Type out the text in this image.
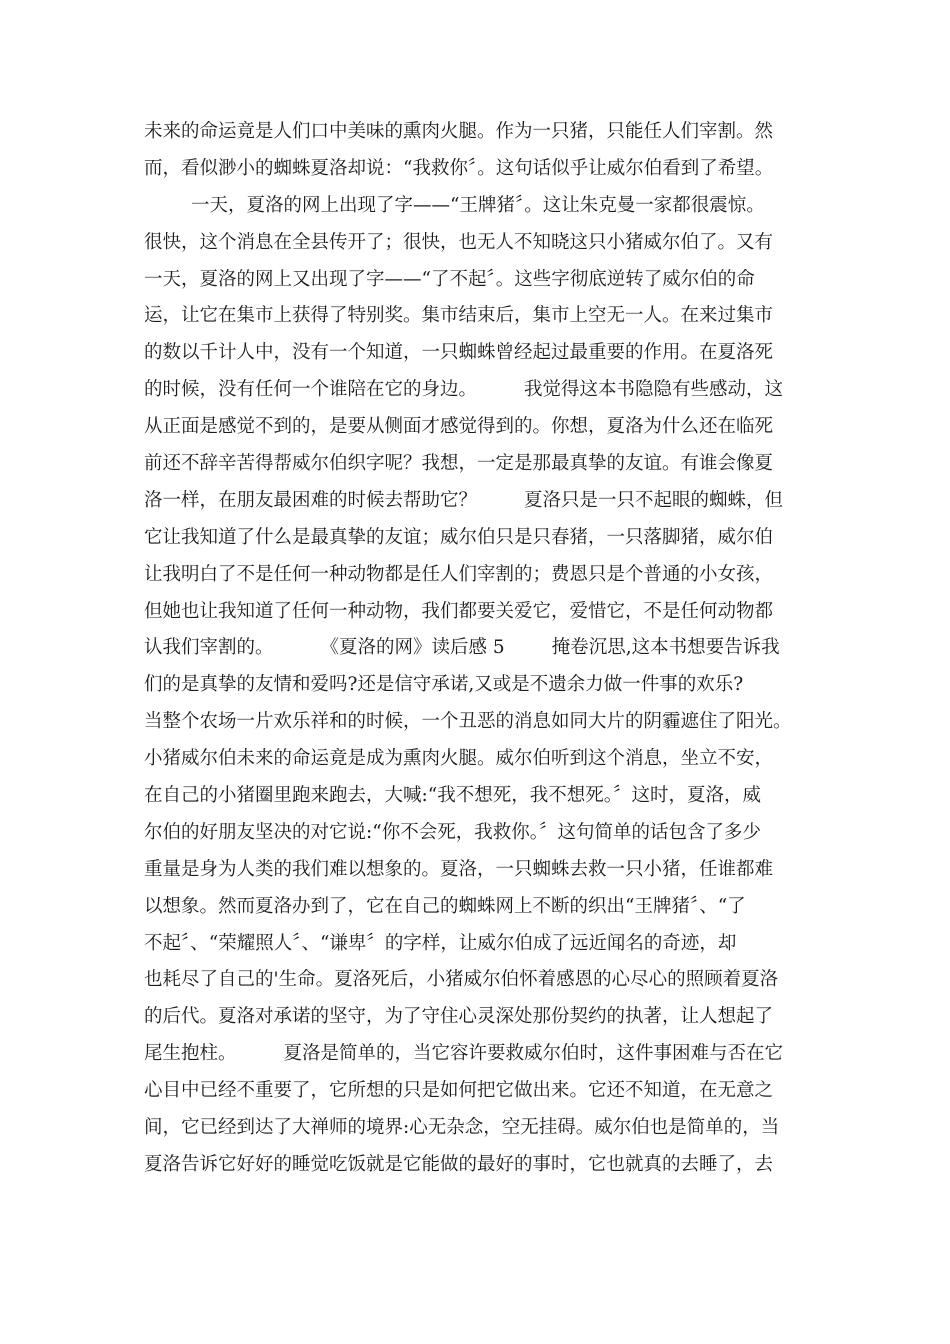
未来的命运竟是人们口中美味的熏肉火腿。作为一只猪，只能任人们宰割。然
而，看似渺小的蜘蛛夏洛却说：“我救你〞。这句话似乎让威尔伯看到了希望。
一天，夏洛的网上出现了字——“王牌猪〞。这让朱克曼一家都很震惊。
很快，这个消息在全县传开了；很快，也无人不知晓这只小猪威尔伯了。又有
一天，夏洛的网上又出现了字——“了不起〞。这些字彻底逆转了威尔伯的命
运，让它在集市上获得了特别奖。集市结束后，集市上空无一人。在来过集市
的数以千计人中，没有一个知道，一只蜘蛛曾经起过最重要的作用。在夏洛死
的时候，没有任何一个谁陪在它的身边。        我觉得这本书隐隐有些感动，这
从正面是感觉不到的，是要从侧面才感觉得到的。你想，夏洛为什么还在临死
前还不辞辛苦得帮威尔伯织字呢？我想，一定是那最真挚的友谊。有谁会像夏
洛一样，在朋友最困难的时候去帮助它？        夏洛只是一只不起眼的蜘蛛，但
它让我知道了什么是最真挚的友谊；威尔伯只是只春猪，一只落脚猪，威尔伯
让我明白了不是任何一种动物都是任人们宰割的；费恩只是个普通的小女孩，
但她也让我知道了任何一种动物，我们都要关爱它，爱惜它，不是任何动物都
认我们宰割的。        《夏洛的网》读后感 5        掩卷沉思,这本书想要告诉我
们的是真挚的友情和爱吗?还是信守承诺,又或是不遗余力做一件事的欢乐?
当整个农场一片欢乐祥和的时候，一个丑恶的消息如同大片的阴霾遮住了阳光。
小猪威尔伯未来的命运竟是成为熏肉火腿。威尔伯听到这个消息，坐立不安，
在自己的小猪圈里跑来跑去，大喊:“我不想死，我不想死。〞这时，夏洛，威
尔伯的好朋友坚决的对它说:“你不会死，我救你。〞这句简单的话包含了多少
重量是身为人类的我们难以想象的。夏洛，一只蜘蛛去救一只小猪，任谁都难
以想象。然而夏洛办到了，它在自己的蜘蛛网上不断的织出“王牌猪〞、“了
不起〞、“荣耀照人〞、“谦卑〞的字样，让威尔伯成了远近闻名的奇迹，却
也耗尽了自己的'生命。夏洛死后，小猪威尔伯怀着感恩的心尽心的照顾着夏洛
的后代。夏洛对承诺的坚守，为了守住心灵深处那份契约的执著，让人想起了
尾生抱柱。        夏洛是简单的，当它容许要救威尔伯时，这件事困难与否在它
心目中已经不重要了，它所想的只是如何把它做出来。它还不知道，在无意之
间，它已经到达了大禅师的境界:心无杂念，空无挂碍。威尔伯也是简单的，当
夏洛告诉它好好的睡觉吃饭就是它能做的最好的事时，它也就真的去睡了，去
